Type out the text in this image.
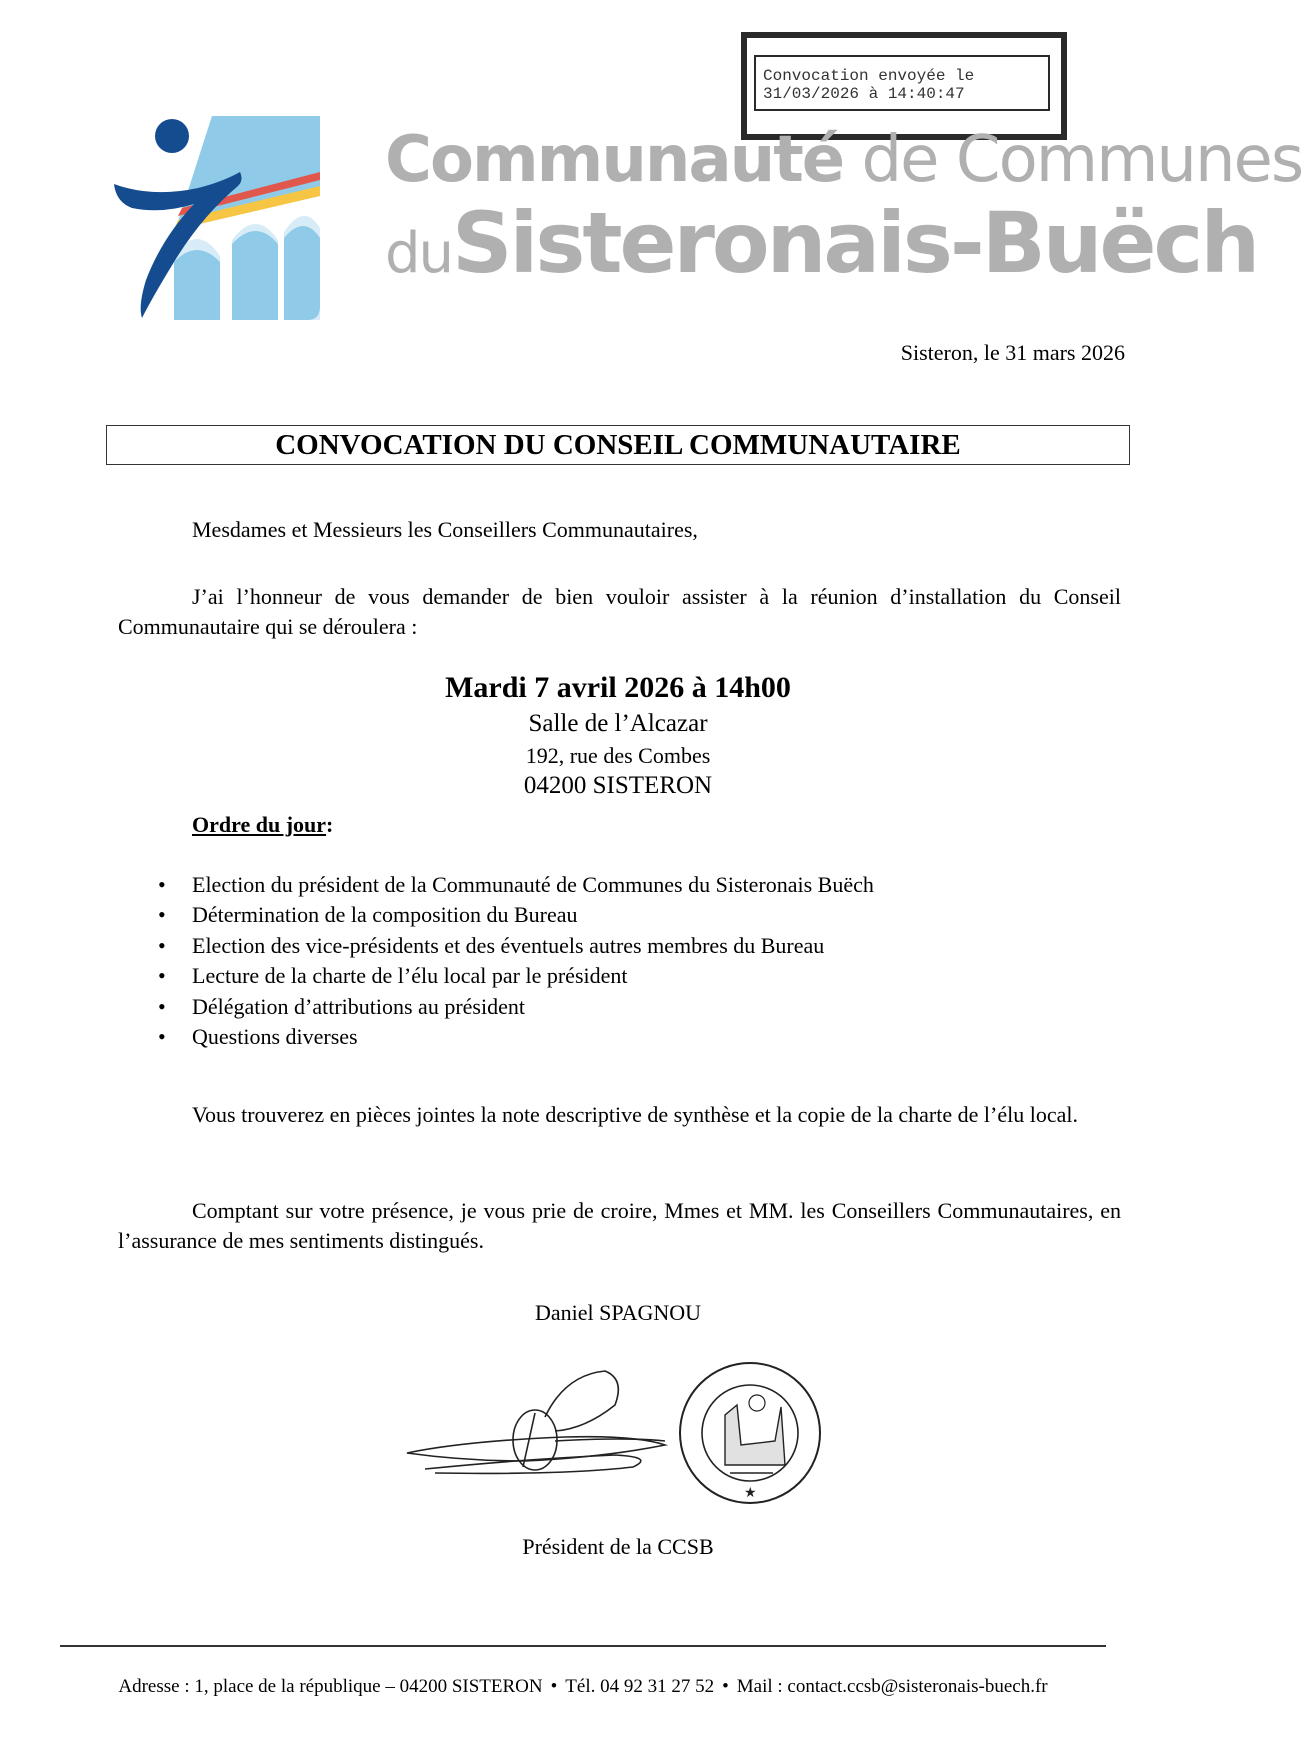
Convocation envoyée le
31/03/2026 à 14:40:47
Communauté de Communes
duSisteronais-Buëch
Sisteron, le 31 mars 2026
CONVOCATION DU CONSEIL COMMUNAUTAIRE
Mesdames et Messieurs les Conseillers Communautaires,
J’ai l’honneur de vous demander de bien vouloir assister à la réunion d’installation du Conseil Communautaire qui se déroulera :
Mardi 7 avril 2026 à 14h00
Salle de l’Alcazar
192, rue des Combes
04200 SISTERON
Ordre du jour:
• Election du président de la Communauté de Communes du Sisteronais Buëch
• Détermination de la composition du Bureau
• Election des vice-présidents et des éventuels autres membres du Bureau
• Lecture de la charte de l’élu local par le président
• Délégation d’attributions au président
• Questions diverses
Vous trouverez en pièces jointes la note descriptive de synthèse et la copie de la charte de l’élu local.
Comptant sur votre présence, je vous prie de croire, Mmes et MM. les Conseillers Communautaires, en l’assurance de mes sentiments distingués.
Daniel SPAGNOU
★
Président de la CCSB
Adresse : 1, place de la république – 04200 SISTERON • Tél. 04 92 31 27 52 • Mail : contact.ccsb@sisteronais-buech.fr
